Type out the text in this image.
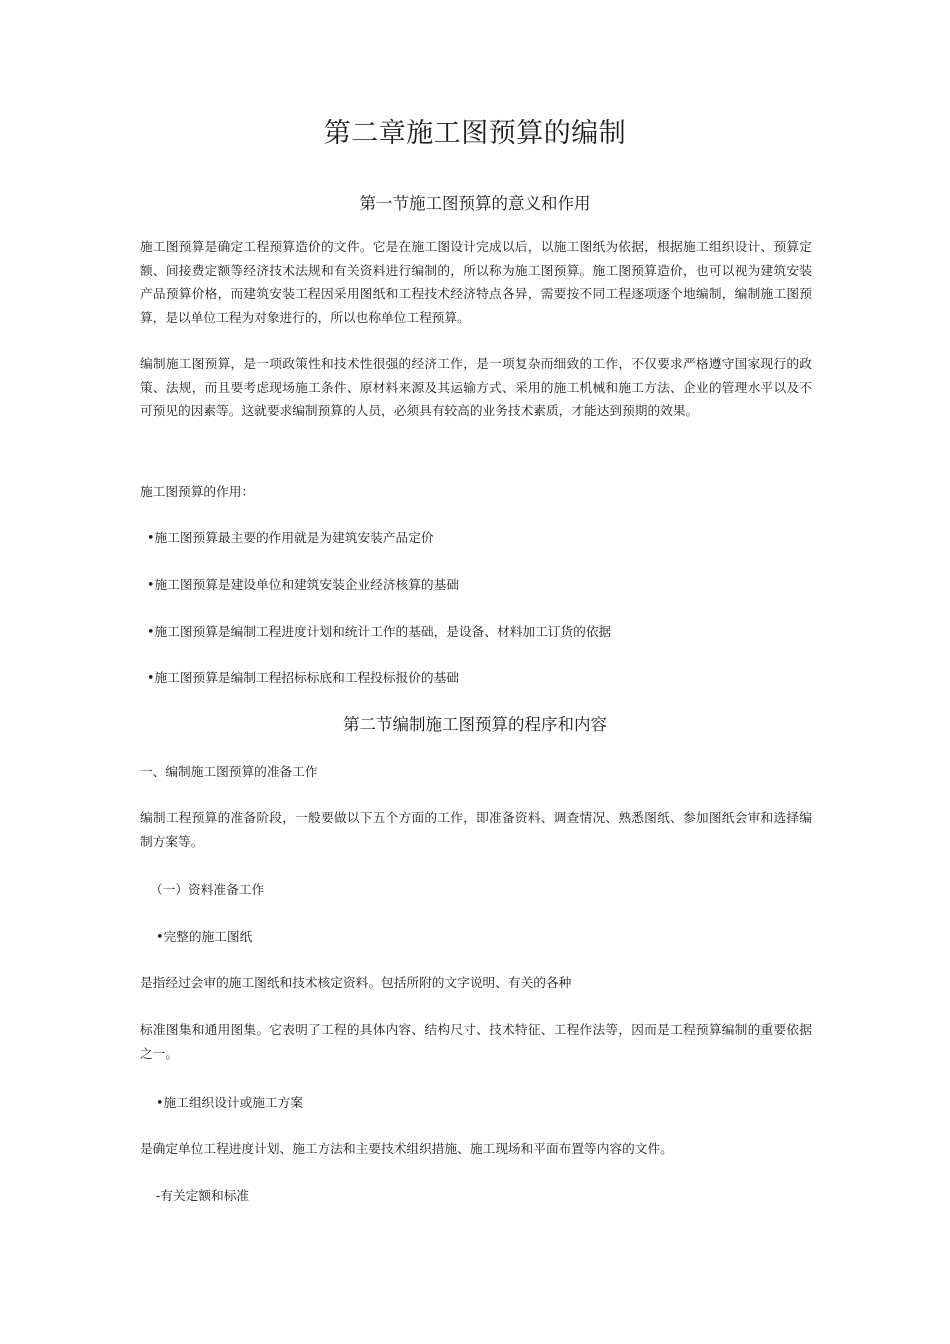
第二章施工图预算的编制
第一节施工图预算的意义和作用
施工图预算是确定工程预算造价的文件。它是在施工图设计完成以后，以施工图纸为依据，根据施工组织设计、预算定额、间接费定额等经济技术法规和有关资料进行编制的，所以称为施工图预算。施工图预算造价，也可以视为建筑安装产品预算价格，而建筑安装工程因采用图纸和工程技术经济特点各异，需要按不同工程逐项逐个地编制，编制施工图预算，是以单位工程为对象进行的，所以也称单位工程预算。
编制施工图预算，是一项政策性和技术性很强的经济工作，是一项复杂而细致的工作，不仅要求严格遵守国家现行的政策、法规，而且要考虑现场施工条件、原材料来源及其运输方式、采用的施工机械和施工方法、企业的管理水平以及不可预见的因素等。这就要求编制预算的人员，必须具有较高的业务技术素质，才能达到预期的效果。
施工图预算的作用：
•施工图预算最主要的作用就是为建筑安装产品定价
•施工图预算是建设单位和建筑安装企业经济核算的基础
•施工图预算是编制工程进度计划和统计工作的基础，是设备、材料加工订货的依据
•施工图预算是编制工程招标标底和工程投标报价的基础
第二节编制施工图预算的程序和内容
一、编制施工图预算的准备工作
编制工程预算的准备阶段，一般要做以下五个方面的工作，即准备资料、调查情况、熟悉图纸、参加图纸会审和选择编制方案等。
（一）资料准备工作
•完整的施工图纸
是指经过会审的施工图纸和技术核定资料。包括所附的文字说明、有关的各种
标准图集和通用图集。它表明了工程的具体内容、结构尺寸、技术特征、工程作法等，因而是工程预算编制的重要依据之一。
•施工组织设计或施工方案
是确定单位工程进度计划、施工方法和主要技术组织措施、施工现场和平面布置等内容的文件。
-有关定额和标准
